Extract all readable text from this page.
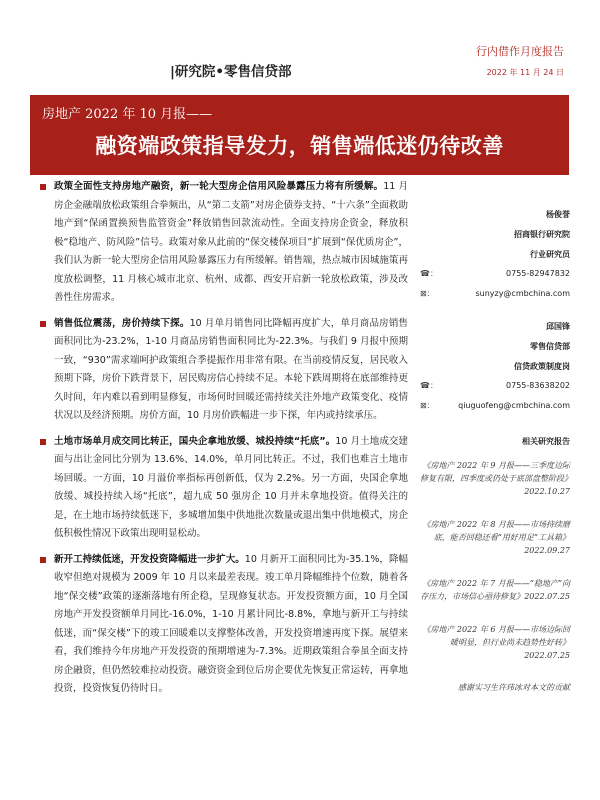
|研究院•零售信贷部
行内借作月度报告
2022 年 11 月 24 日
房地产 2022 年 10 月报——
融资端政策指导发力，销售端低迷仍待改善
政策全面性支持房地产融资，新一轮大型房企信用风险暴露压力将有所缓解。11 月房企金融端放松政策组合拳频出，从“第二支箭”对房企债券支持、“十六条”全面救助地产到“保函置换预售监管资金”释放销售回款流动性。全面支持房企资金，释放积极“稳地产、防风险”信号。政策对象从此前的“保交楼保项目”扩展到“保优质房企”，我们认为新一轮大型房企信用风险暴露压力有所缓解。销售端，热点城市因城施策再度放松调整，11 月核心城市北京、杭州、成都、西安开启新一轮放松政策，涉及改善性住房需求。
销售低位震荡，房价持续下探。10 月单月销售同比降幅再度扩大，单月商品房销售面积同比为-23.2%，1-10 月商品房销售面积同比为-22.3%。与我们 9 月报中预期一致，“930”需求端呵护政策组合季提振作用非常有限。在当前疫情反复，居民收入预期下降，房价下跌背景下，居民购房信心持续不足。本轮下跌周期将在底部维持更久时间，年内难以看到明显修复，市场何时回暖还需持续关注外地产政策变化、疫情状况以及经济预期。房价方面，10 月房价跌幅进一步下探，年内或持续承压。
土地市场单月成交同比转正，国央企拿地放缓、城投持续“托底”。10 月土地成交建面与出让金同比分别为 13.6%、14.0%，单月同比转正。不过，我们也难言土地市场回暖。一方面，10 月溢价率指标再创新低，仅为 2.2%。另一方面，央国企拿地放缓、城投持续入场“托底”，超九成 50 强房企 10 月并未拿地投资。值得关注的是，在土地市场持续低迷下，多城增加集中供地批次数量或退出集中供地模式，房企低积极性情况下政策出现明显松动。
新开工持续低迷，开发投资降幅进一步扩大。10 月新开工面积同比为-35.1%，降幅收窄但绝对规模为 2009 年 10 月以来最差表现。竣工单月降幅维持个位数，随着各地“保交楼”政策的逐渐落地有所企稳，呈现修复状态。开发投资额方面，10 月全国房地产开发投资额单月同比-16.0%，1-10 月累计同比-8.8%，拿地与新开工与持续低迷，而“保交楼”下的竣工回暖难以支撑整体改善，开发投资增速再度下探。展望来看，我们维持今年房地产开发投资的预期增速为-7.3%。近期政策组合拳虽全面支持房企融资，但仍然较难拉动投资。融资资金到位后房企要优先恢复正常运转，再拿地投资，投资恢复仍待时日。
杨俊誉
招商银行研究院
行业研究员
☎：	0755-82947832
⊠：	sunyzy@cmbchina.com
邱国锋
零售信贷部
信贷政策制度岗
☎：	0755-83638202
⊠：	qiuguofeng@cmbchina.com
相关研究报告
《房地产 2022 年 9 月报——三季度边际修复有限，四季度或仍处于底部盘整阶段》2022.10.27
《房地产 2022 年 8 月报——市场持续磨底，能否回稳还看“用好用足”工具箱》2022.09.27
《房地产 2022 年 7 月报——“稳地产”向存压力，市场信心亟待修复》2022.07.25
《房地产 2022 年 6 月报——市场边际回暖明显，但行业尚未趋势性好转》2022.07.25
感谢实习生许玮冰对本文的贡献
